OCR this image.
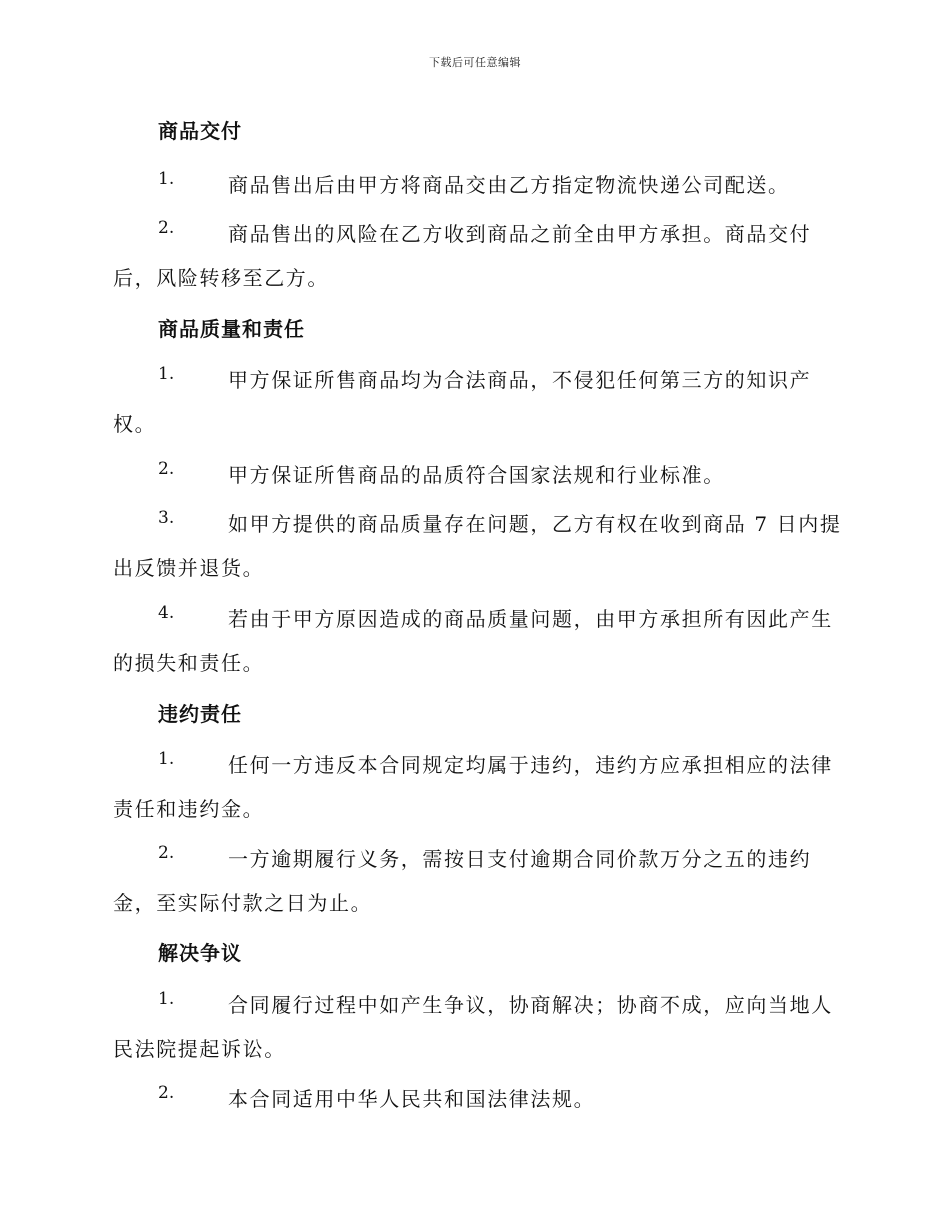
下载后可任意编辑
商品交付
1.	商品售出后由甲方将商品交由乙方指定物流快递公司配送。
2.	商品售出的风险在乙方收到商品之前全由甲方承担。商品交付
后，风险转移至乙方。
商品质量和责任
1.	甲方保证所售商品均为合法商品，不侵犯任何第三方的知识产
权。
2.	甲方保证所售商品的品质符合国家法规和行业标准。
3.	如甲方提供的商品质量存在问题，乙方有权在收到商品 7 日内提
出反馈并退货。
4.	若由于甲方原因造成的商品质量问题，由甲方承担所有因此产生
的损失和责任。
违约责任
1.	任何一方违反本合同规定均属于违约，违约方应承担相应的法律
责任和违约金。
2.	一方逾期履行义务，需按日支付逾期合同价款万分之五的违约
金，至实际付款之日为止。
解决争议
1.	合同履行过程中如产生争议，协商解决；协商不成，应向当地人
民法院提起诉讼。
2.	本合同适用中华人民共和国法律法规。
